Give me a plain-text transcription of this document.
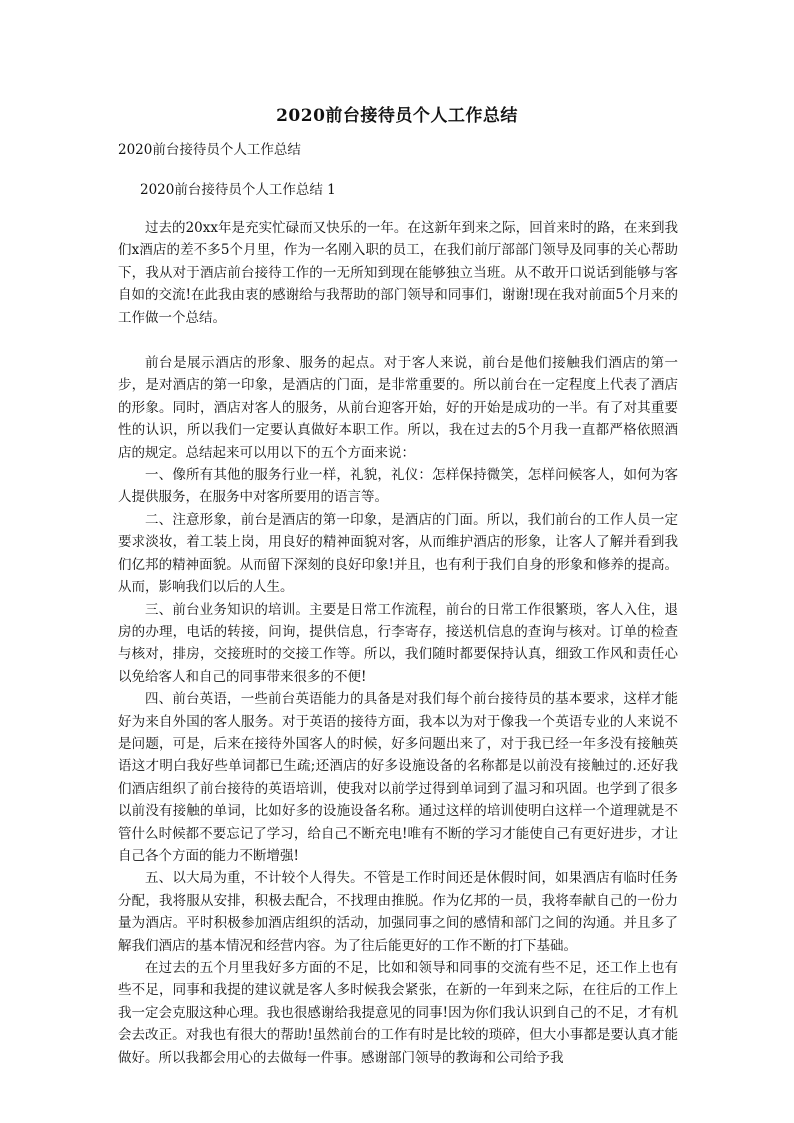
2020前台接待员个人工作总结
2020前台接待员个人工作总结
2020前台接待员个人工作总结 1

过去的20xx年是充实忙碌而又快乐的一年。在这新年到来之际，回首来时的路，在来到我们x酒店的差不多5个月里，作为一名刚入职的员工，在我们前厅部部门领导及同事的关心帮助下，我从对于酒店前台接待工作的一无所知到现在能够独立当班。从不敢开口说话到能够与客自如的交流!在此我由衷的感谢给与我帮助的部门领导和同事们，谢谢!现在我对前面5个月来的工作做一个总结。

前台是展示酒店的形象、服务的起点。对于客人来说，前台是他们接触我们酒店的第一步，是对酒店的第一印象，是酒店的门面，是非常重要的。所以前台在一定程度上代表了酒店的形象。同时，酒店对客人的服务，从前台迎客开始，好的开始是成功的一半。有了对其重要性的认识，所以我们一定要认真做好本职工作。所以，我在过去的5个月我一直都严格依照酒店的规定。总结起来可以用以下的五个方面来说：

一、像所有其他的服务行业一样，礼貌，礼仪：怎样保持微笑，怎样问候客人，如何为客人提供服务，在服务中对客所要用的语言等。

二、注意形象，前台是酒店的第一印象，是酒店的门面。所以，我们前台的工作人员一定要求淡妆，着工装上岗，用良好的精神面貌对客，从而维护酒店的形象，让客人了解并看到我们亿邦的精神面貌。从而留下深刻的良好印象!并且，也有利于我们自身的形象和修养的提高。从而，影响我们以后的人生。

三、前台业务知识的培训。主要是日常工作流程，前台的日常工作很繁琐，客人入住，退房的办理，电话的转接，问询，提供信息，行李寄存，接送机信息的查询与核对。订单的检查与核对，排房，交接班时的交接工作等。所以，我们随时都要保持认真，细致工作风和责任心以免给客人和自己的同事带来很多的不便!

四、前台英语，一些前台英语能力的具备是对我们每个前台接待员的基本要求，这样才能好为来自外国的客人服务。对于英语的接待方面，我本以为对于像我一个英语专业的人来说不是问题，可是，后来在接待外国客人的时候，好多问题出来了，对于我已经一年多没有接触英语这才明白我好些单词都已生疏;还酒店的好多设施设备的名称都是以前没有接触过的.还好我们酒店组织了前台接待的英语培训，使我对以前学过得到单词到了温习和巩固。也学到了很多以前没有接触的单词，比如好多的设施设备名称。通过这样的培训使明白这样一个道理就是不管什么时候都不要忘记了学习，给自己不断充电!唯有不断的学习才能使自己有更好进步，才让自己各个方面的能力不断增强!

五、以大局为重，不计较个人得失。不管是工作时间还是休假时间，如果酒店有临时任务分配，我将服从安排，积极去配合，不找理由推脱。作为亿邦的一员，我将奉献自己的一份力量为酒店。平时积极参加酒店组织的活动，加强同事之间的感情和部门之间的沟通。并且多了解我们酒店的基本情况和经营内容。为了往后能更好的工作不断的打下基础。

在过去的五个月里我好多方面的不足，比如和领导和同事的交流有些不足，还工作上也有些不足，同事和我提的建议就是客人多时候我会紧张，在新的一年到来之际，在往后的工作上我一定会克服这种心理。我也很感谢给我提意见的同事!因为你们我认识到自己的不足，才有机会去改正。对我也有很大的帮助!虽然前台的工作有时是比较的琐碎，但大小事都是要认真才能做好。所以我都会用心的去做每一件事。感谢部门领导的教诲和公司给予我
